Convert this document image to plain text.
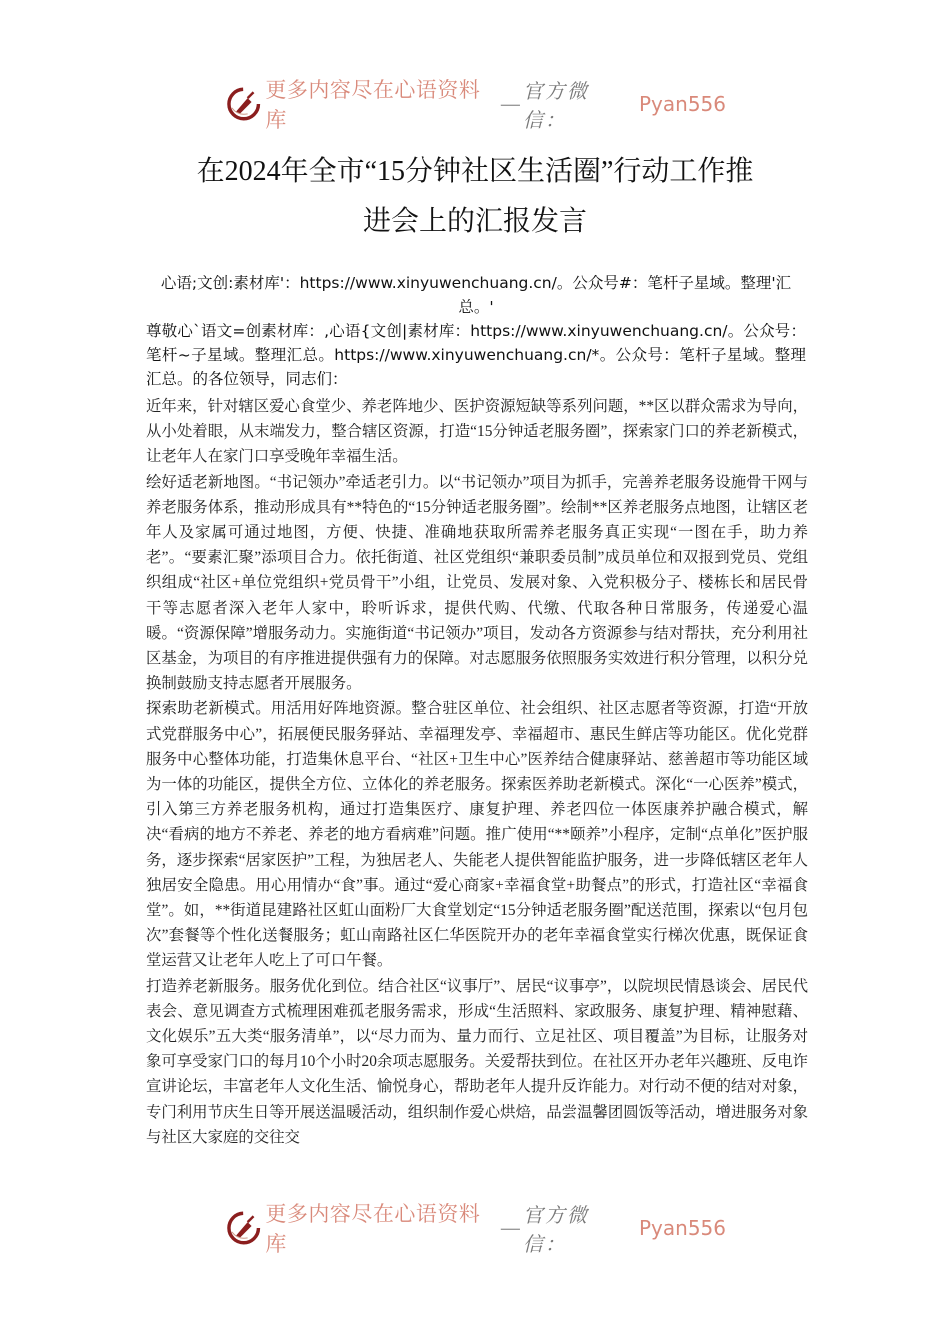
更多内容尽在心语资料库
—
官方微信：
Pyan556
在2024年全市“15分钟社区生活圈”行动工作推
进会上的汇报发言
心语;文创:素材库'：https://www.xinyuwenchuang.cn/。公众号#：笔杆子星域。整理'汇总。'
尊敬心`语文=创素材库：,心语{文创|素材库：https://www.xinyuwenchuang.cn/。公众号：笔杆~子星域。整理汇总。https://www.xinyuwenchuang.cn/*。公众号：笔杆子星域。整理汇总。的各位领导，同志们：

近年来，针对辖区爱心食堂少、养老阵地少、医护资源短缺等系列问题，**区以群众需求为导向，从小处着眼，从末端发力，整合辖区资源，打造“15分钟适老服务圈”，探索家门口的养老新模式，让老年人在家门口享受晚年幸福生活。

绘好适老新地图。“书记领办”牵适老引力。以“书记领办”项目为抓手，完善养老服务设施骨干网与养老服务体系，推动形成具有**特色的“15分钟适老服务圈”。绘制**区养老服务点地图，让辖区老年人及家属可通过地图，方便、快捷、准确地获取所需养老服务真正实现“一图在手，助力养老”。“要素汇聚”添项目合力。依托街道、社区党组织“兼职委员制”成员单位和双报到党员、党组织组成“社区+单位党组织+党员骨干”小组，让党员、发展对象、入党积极分子、楼栋长和居民骨干等志愿者深入老年人家中，聆听诉求，提供代购、代缴、代取各种日常服务，传递爱心温暖。“资源保障”增服务动力。实施街道“书记领办”项目，发动各方资源参与结对帮扶，充分利用社区基金，为项目的有序推进提供强有力的保障。对志愿服务依照服务实效进行积分管理，以积分兑换制鼓励支持志愿者开展服务。

探索助老新模式。用活用好阵地资源。整合驻区单位、社会组织、社区志愿者等资源，打造“开放式党群服务中心”，拓展便民服务驿站、幸福理发亭、幸福超市、惠民生鲜店等功能区。优化党群服务中心整体功能，打造集休息平台、“社区+卫生中心”医养结合健康驿站、慈善超市等功能区域为一体的功能区，提供全方位、立体化的养老服务。探索医养助老新模式。深化“一心医养”模式，引入第三方养老服务机构，通过打造集医疗、康复护理、养老四位一体医康养护融合模式，解决“看病的地方不养老、养老的地方看病难”问题。推广使用“**颐养”小程序，定制“点单化”医护服务，逐步探索“居家医护”工程，为独居老人、失能老人提供智能监护服务，进一步降低辖区老年人独居安全隐患。用心用情办“食”事。通过“爱心商家+幸福食堂+助餐点”的形式，打造社区“幸福食堂”。如，**街道昆建路社区虹山面粉厂大食堂划定“15分钟适老服务圈”配送范围，探索以“包月包次”套餐等个性化送餐服务；虹山南路社区仁华医院开办的老年幸福食堂实行梯次优惠，既保证食堂运营又让老年人吃上了可口午餐。

打造养老新服务。服务优化到位。结合社区“议事厅”、居民“议事亭”，以院坝民情恳谈会、居民代表会、意见调查方式梳理困难孤老服务需求，形成“生活照料、家政服务、康复护理、精神慰藉、文化娱乐”五大类“服务清单”，以“尽力而为、量力而行、立足社区、项目覆盖”为目标，让服务对象可享受家门口的每月10个小时20余项志愿服务。关爱帮扶到位。在社区开办老年兴趣班、反电诈宣讲论坛，丰富老年人文化生活、愉悦身心，帮助老年人提升反诈能力。对行动不便的结对对象，专门利用节庆生日等开展送温暖活动，组织制作爱心烘焙，品尝温馨团圆饭等活动，增进服务对象与社区大家庭的交往交

更多内容尽在心语资料库
—
官方微信：
Pyan556
